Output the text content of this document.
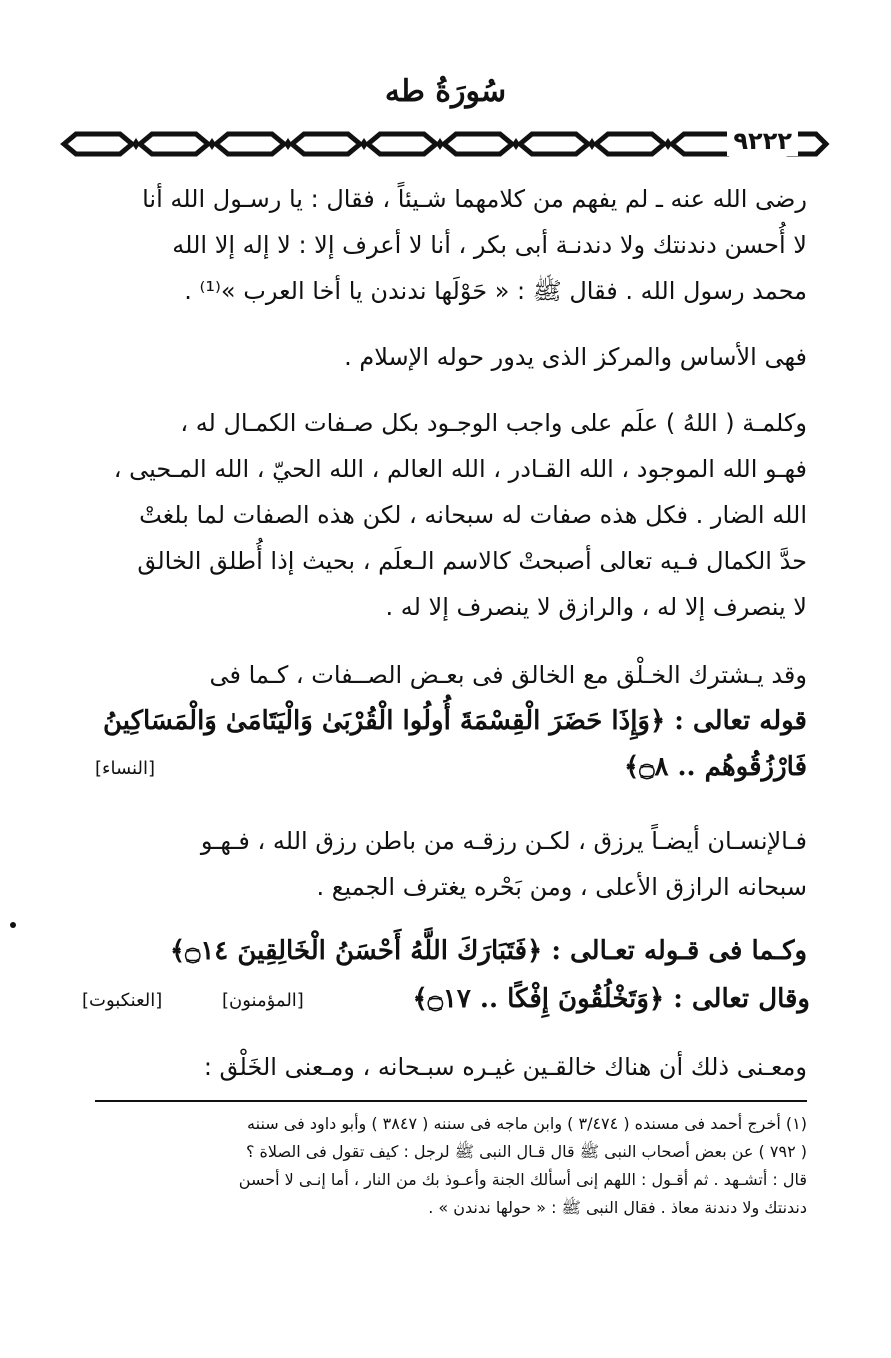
سُورَةُ طه
٩٢٢٢
رضى الله عنه ـ لم يفهم من كلامهما شـيئاً ، فقال : يا رسـول الله أنا
لا أُحسن دندنتك ولا دندنـة أبى بكر ، أنا لا أعرف إلا : لا إله إلا الله
محمد رسول الله . فقال ﷺ : « حَوْلَها ندندن يا أخا العرب »⁽¹⁾ .
فهى الأساس والمركز الذى يدور حوله الإسلام .
وكلمـة ( اللهُ ) علَم على واجب الوجـود بكل صـفات الكمـال له ،
فهـو الله الموجود ، الله القـادر ، الله العالم ، الله الحيّ ، الله المـحيى ،
الله الضار . فكل هذه صفات له سبحانه ، لكن هذه الصفات لما بلغتْ
حدَّ الكمال فـيه تعالى أصبحتْ كالاسم الـعلَم ، بحيث إذا أُطلق الخالق
لا ينصرف إلا له ، والرازق لا ينصرف إلا له .
وقد يـشترك الخـلْق مع الخالق فى بعـض الصــفات ، كـما فى
قوله تعالى : ﴿وَإِذَا حَضَرَ الْقِسْمَةَ أُولُوا الْقُرْبَىٰ وَالْيَتَامَىٰ وَالْمَسَاكِينُ
فَارْزُقُوهُم .. ۝٨﴾
[النساء]
فـالإنسـان أيضـاً يرزق ، لكـن رزقـه من باطن رزق الله ، فـهـو
سبحانه الرازق الأعلى ، ومن بَحْره يغترف الجميع .
وكـما فى قـوله تعـالى : ﴿فَتَبَارَكَ اللَّهُ أَحْسَنُ الْخَالِقِينَ ۝١٤﴾
وقال تعالى : ﴿وَتَخْلُقُونَ إِفْكًا .. ۝١٧﴾
[العنكبوت]	[المؤمنون]
ومعـنى ذلك أن هناك خالقـين غيـره سبـحانه ، ومـعنى الخَلْق :
(١) أخرج أحمد فى مسنده ( ٣/٤٧٤ ) وابن ماجه فى سننه ( ٣٨٤٧ ) وأبو داود فى سننه
( ٧٩٢ ) عن بعض أصحاب النبى ﷺ قال قـال النبى ﷺ لرجل : كيف تقول فى الصلاة ؟
قال : أتشـهد . ثم أقـول : اللهم إنى أسألك الجنة وأعـوذ بك من النار ، أما إنـى لا أحسن
دندنتك ولا دندنة معاذ . فقال النبى ﷺ : « حولها ندندن » .
